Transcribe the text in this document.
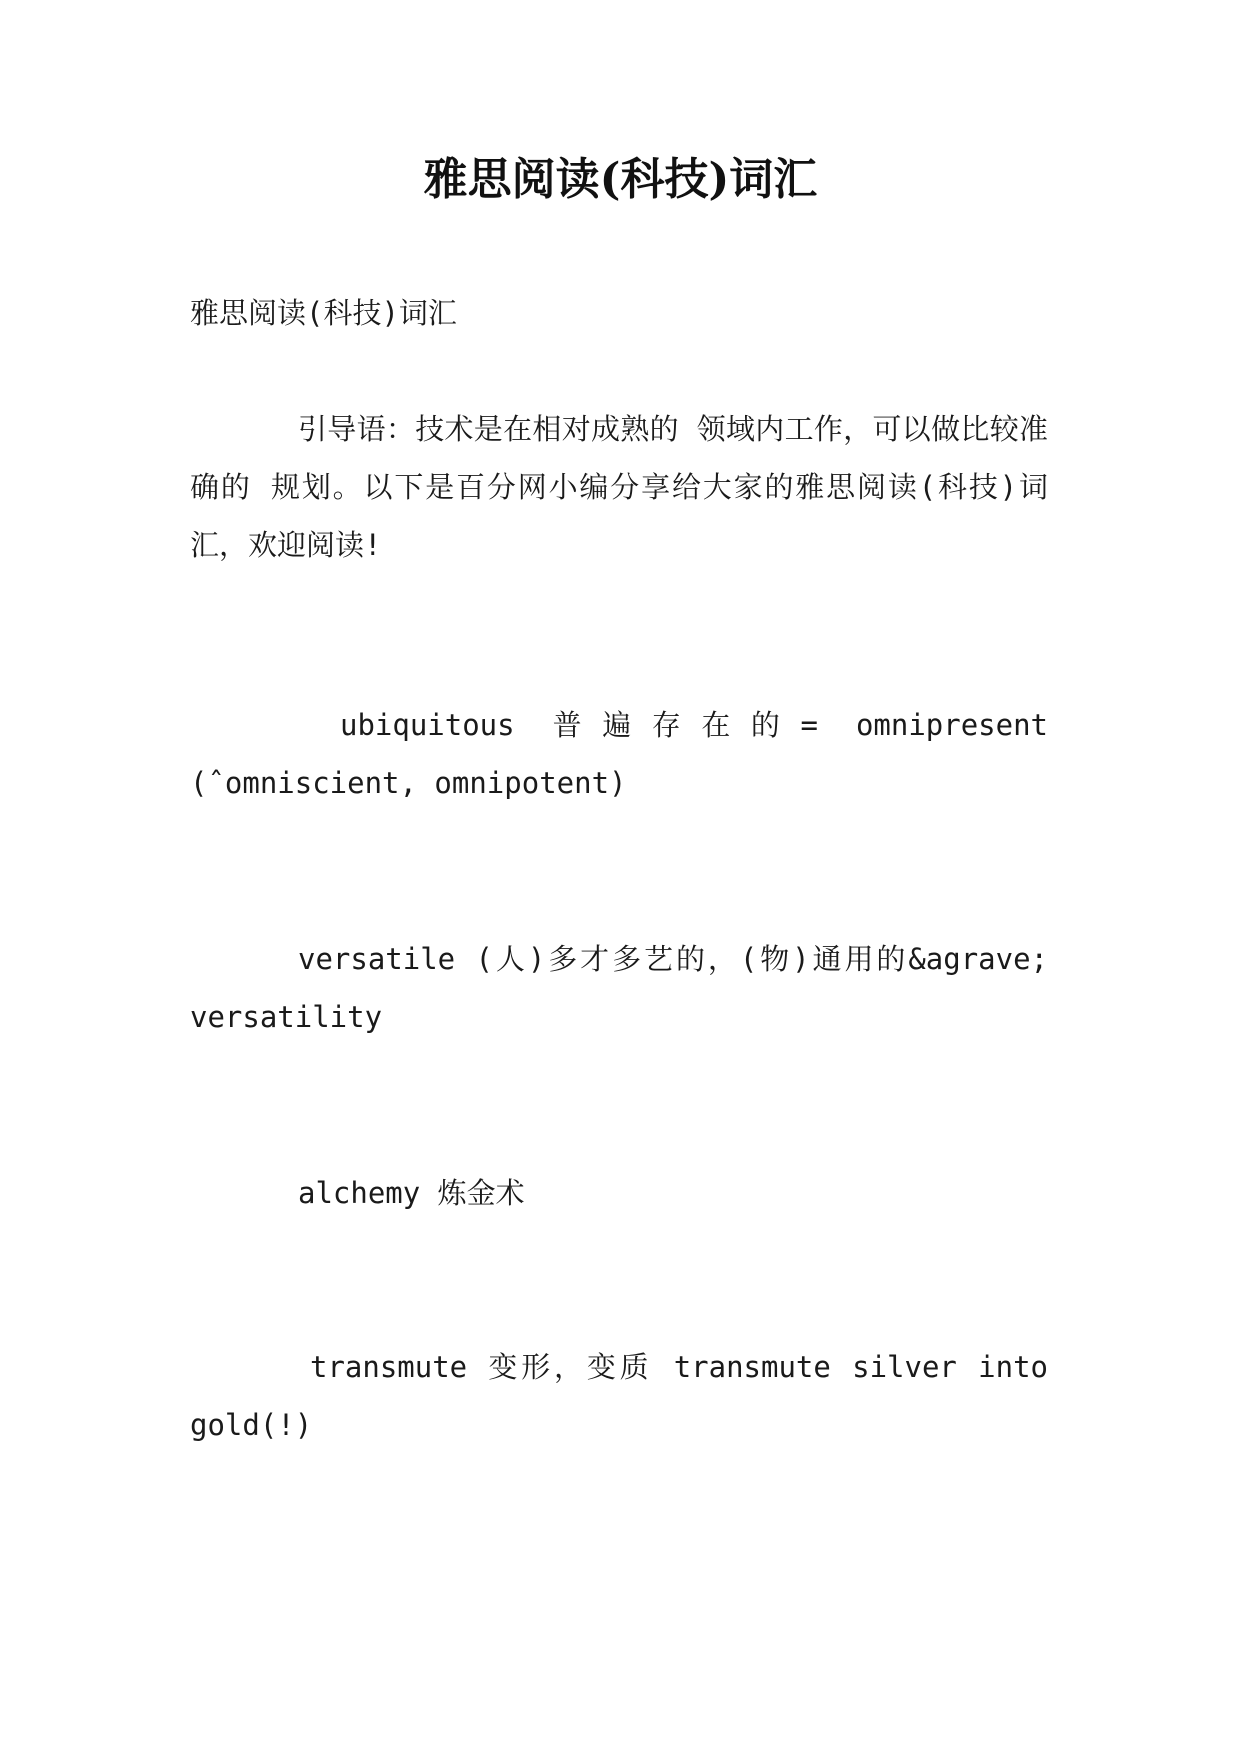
雅思阅读(科技)词汇

雅思阅读(科技)词汇

引导语：技术是在相对成熟的 领域内工作，可以做比较准确的 规划。以下是百分网小编分享给大家的雅思阅读(科技)词汇，欢迎阅读!

ubiquitous 普遍存在的= omnipresent (ˆomniscient, omnipotent)

versatile (人)多才多艺的，(物)通用的&agrave; versatility

alchemy 炼金术

transmute 变形，变质 transmute silver into gold(!)
